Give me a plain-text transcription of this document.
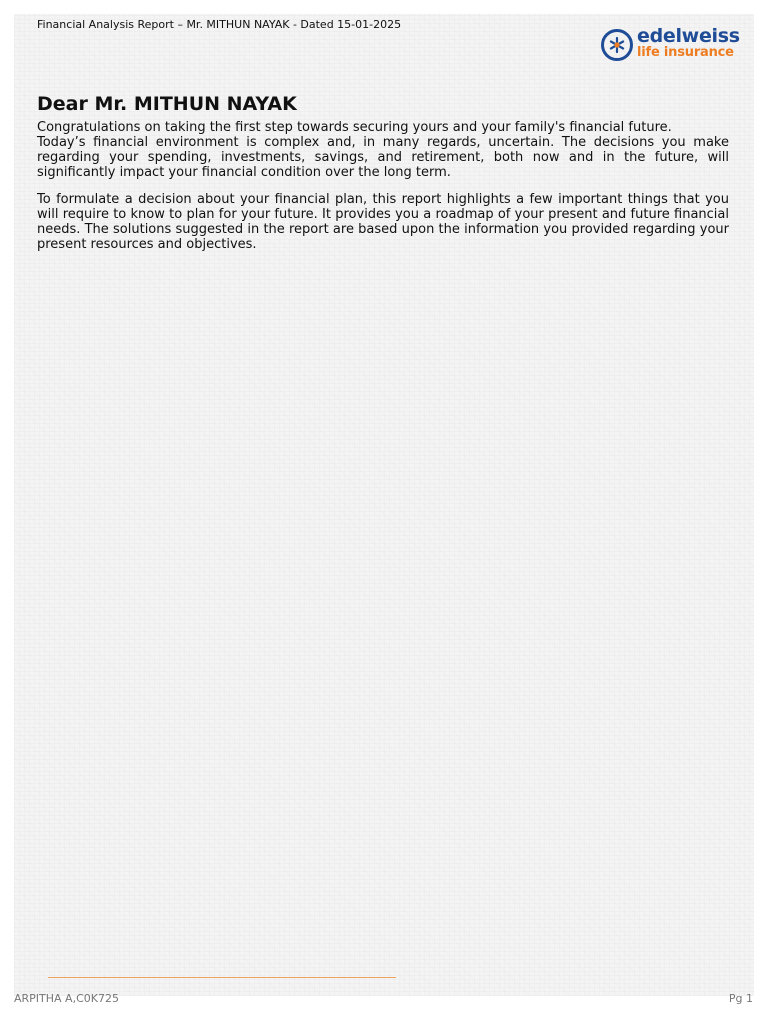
Financial Analysis Report – Mr. MITHUN NAYAK - Dated 15-01-2025
edelweiss
life insurance
Dear Mr. MITHUN NAYAK

Congratulations on taking the first step towards securing yours and your family's financial future.

Today’s financial environment is complex and, in many regards, uncertain. The decisions you make regarding your spending, investments, savings, and retirement, both now and in the future, will significantly impact your financial condition over the long term.

To formulate a decision about your financial plan, this report highlights a few important things that you will require to know to plan for your future. It provides you a roadmap of your present and future financial needs. The solutions suggested in the report are based upon the information you provided regarding your present resources and objectives.

ARPITHA A,C0K725	Pg 1
